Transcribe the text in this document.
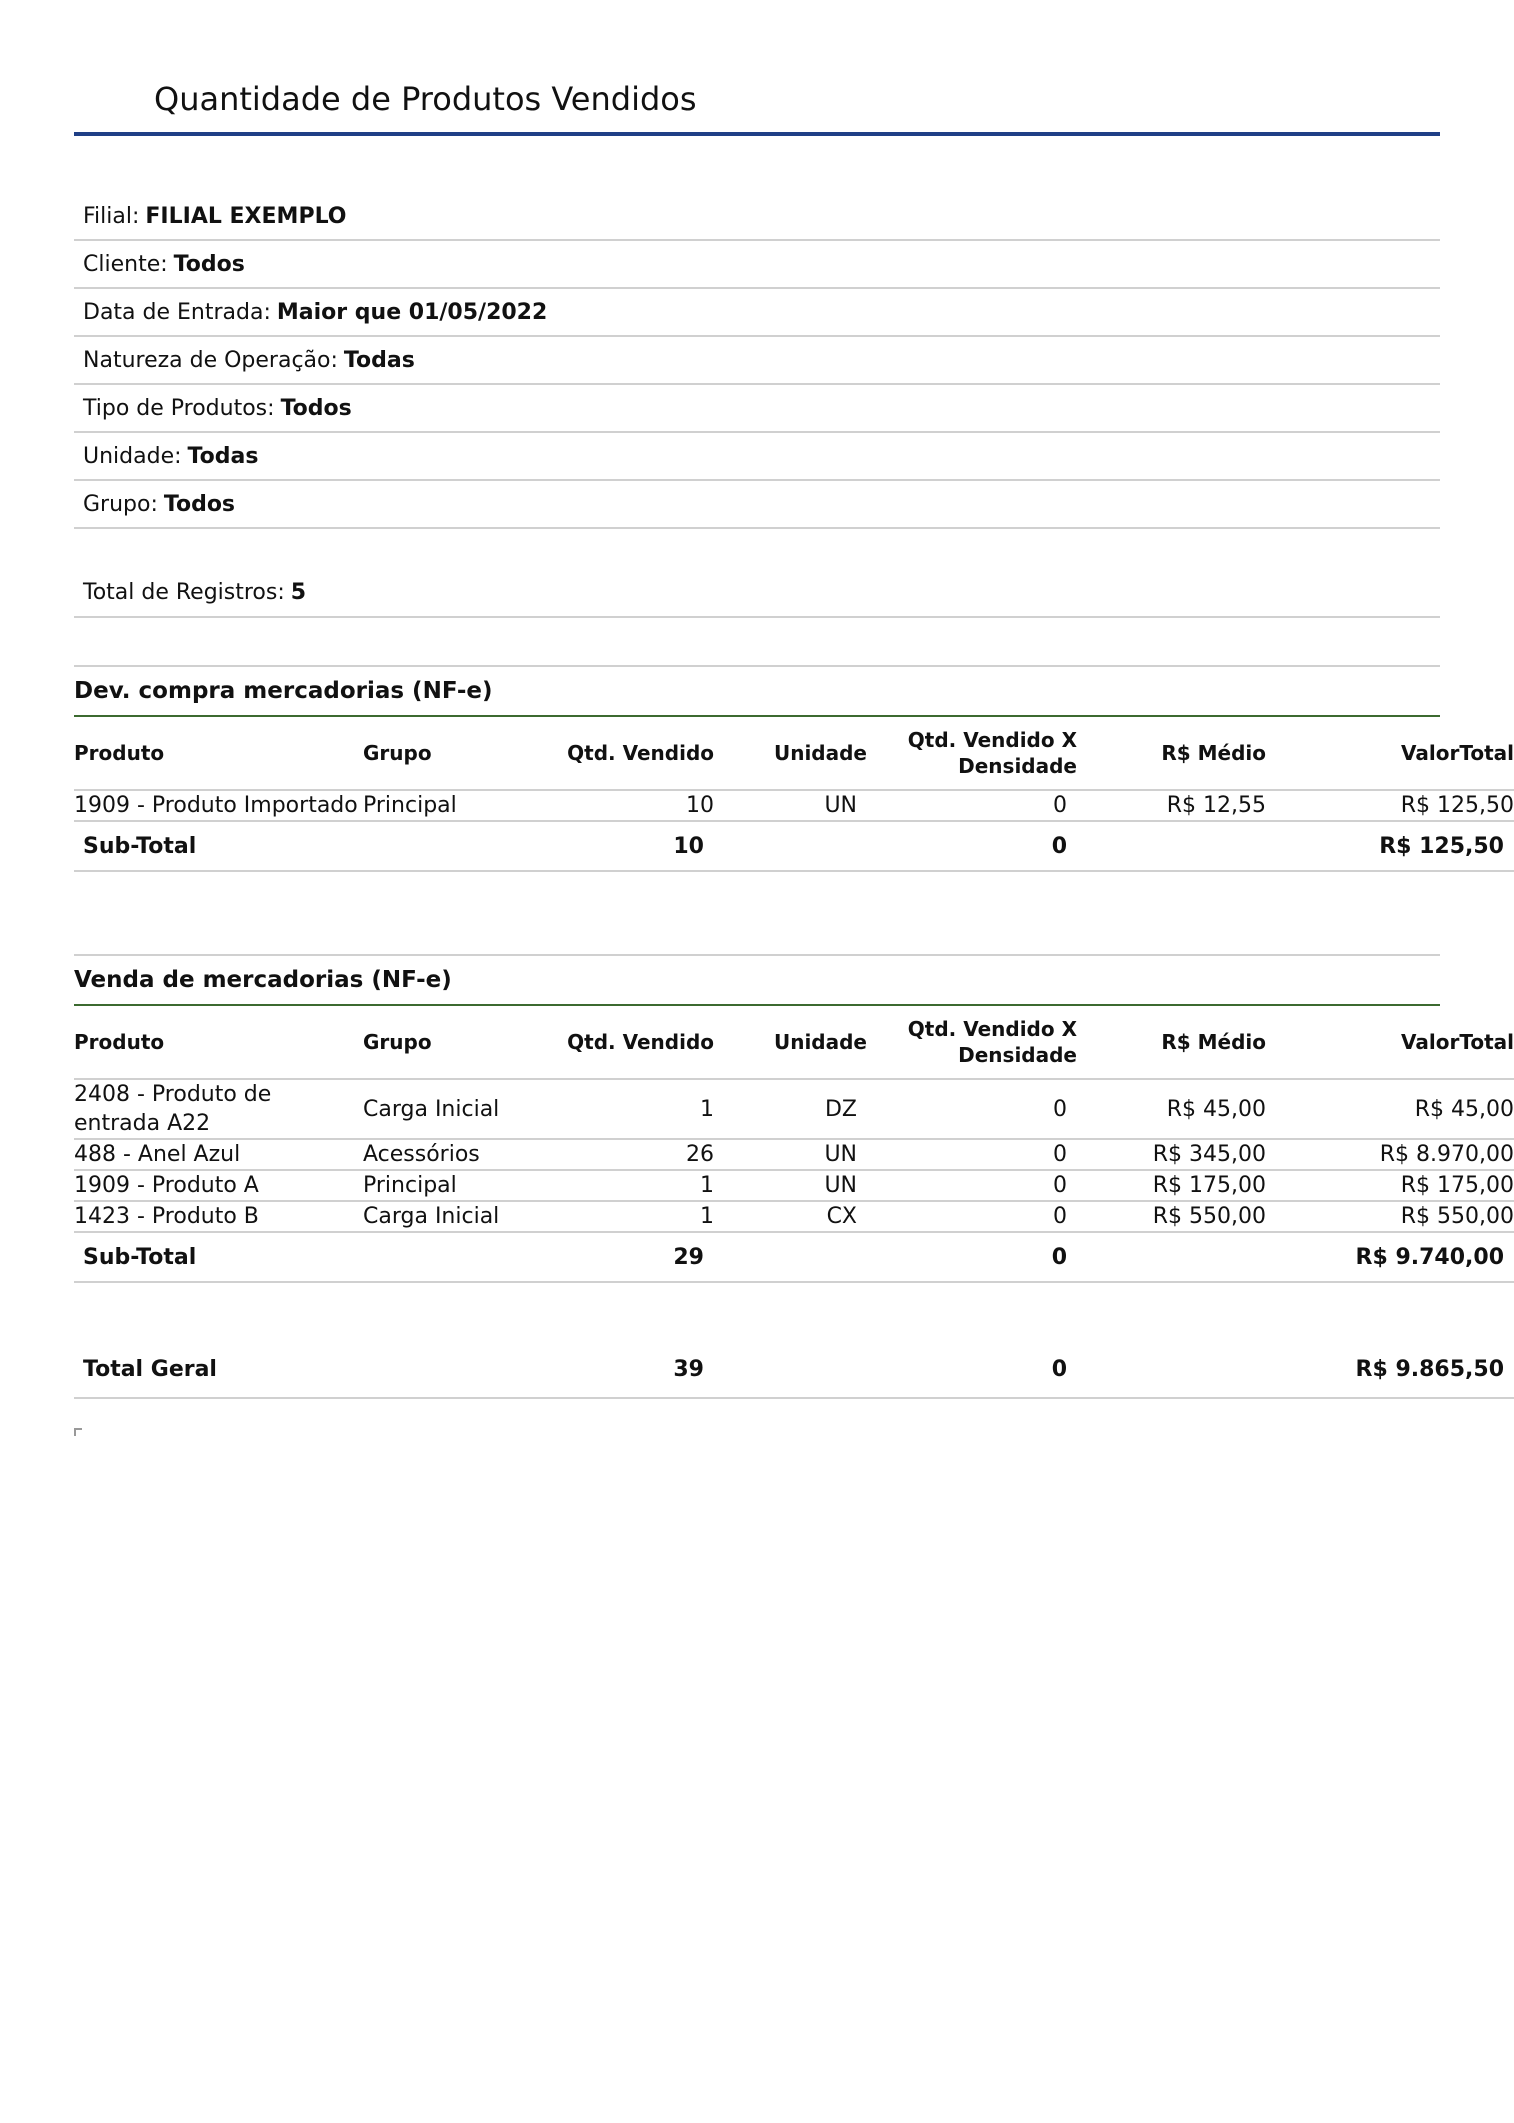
Quantidade de Produtos Vendidos
Filial: FILIAL EXEMPLO
Cliente: Todos
Data de Entrada: Maior que 01/05/2022
Natureza de Operação: Todas
Tipo de Produtos: Todos
Unidade: Todas
Grupo: Todos
Total de Registros: 5
Dev. compra mercadorias (NF-e)
Produto	Grupo	Qtd. Vendido	Unidade	Qtd. Vendido X Densidade	R$ Médio	ValorTotal
1909 - Produto Importado	Principal	10	UN	0	R$ 12,55	R$ 125,50
Sub-Total		10		0		R$ 125,50
Venda de mercadorias (NF-e)
Produto	Grupo	Qtd. Vendido	Unidade	Qtd. Vendido X Densidade	R$ Médio	ValorTotal
2408 - Produto de entrada A22	Carga Inicial	1	DZ	0	R$ 45,00	R$ 45,00
488 - Anel Azul	Acessórios	26	UN	0	R$ 345,00	R$ 8.970,00
1909 - Produto A	Principal	1	UN	0	R$ 175,00	R$ 175,00
1423 - Produto B	Carga Inicial	1	CX	0	R$ 550,00	R$ 550,00
Sub-Total		29		0		R$ 9.740,00
Total Geral		39		0		R$ 9.865,50
